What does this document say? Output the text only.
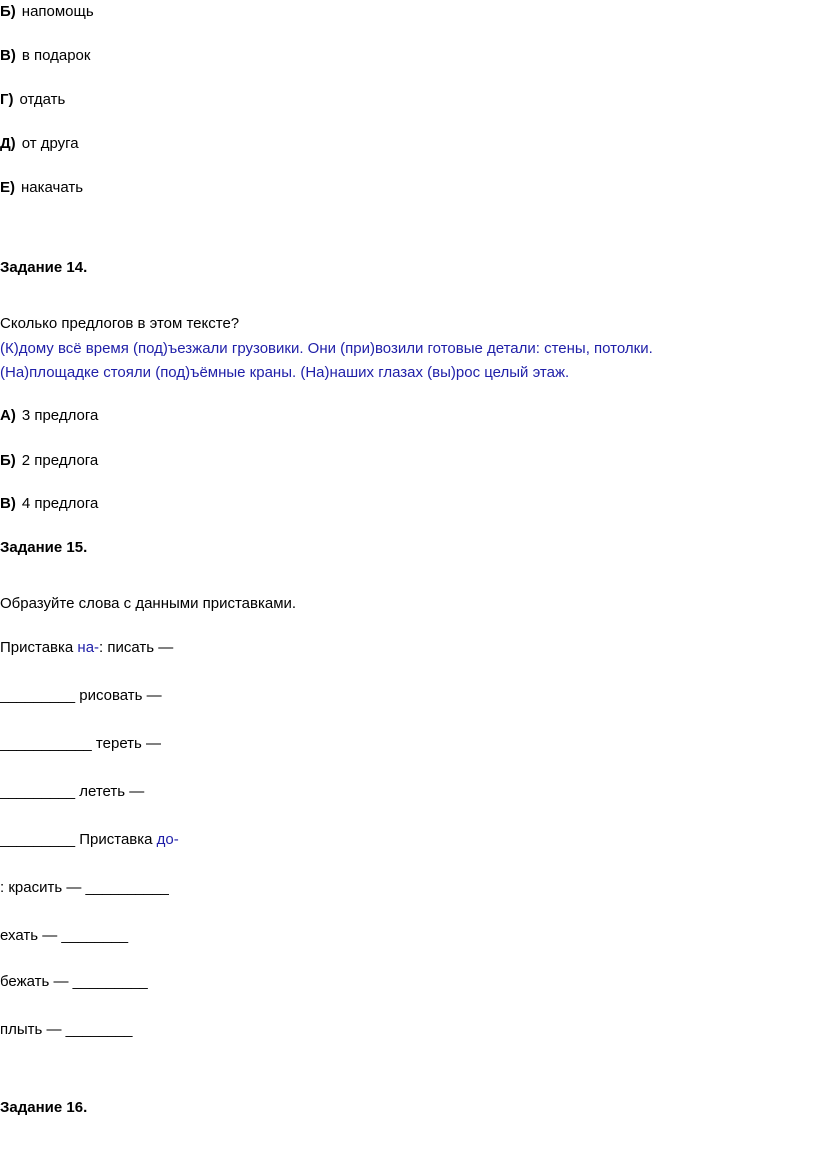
Б) напомощь
В) в подарок
Г) отдать
Д) от друга
Е) накачать
Задание 14.
Сколько предлогов в этом тексте?
(К)дому всё время (под)ъезжали грузовики. Они (при)возили готовые детали: стены, потолки.
(На)площадке стояли (под)ъёмные краны. (На)наших глазах (вы)рос целый этаж.
А) 3 предлога
Б) 2 предлога
В) 4 предлога
Задание 15.
Образуйте слова с данными приставками.
Приставка на-: писать —
_________ рисовать —
___________ тереть —
_________ лететь —
_________ Приставка до-
: красить — __________
ехать — ________
бежать — _________
плыть — ________
Задание 16.
